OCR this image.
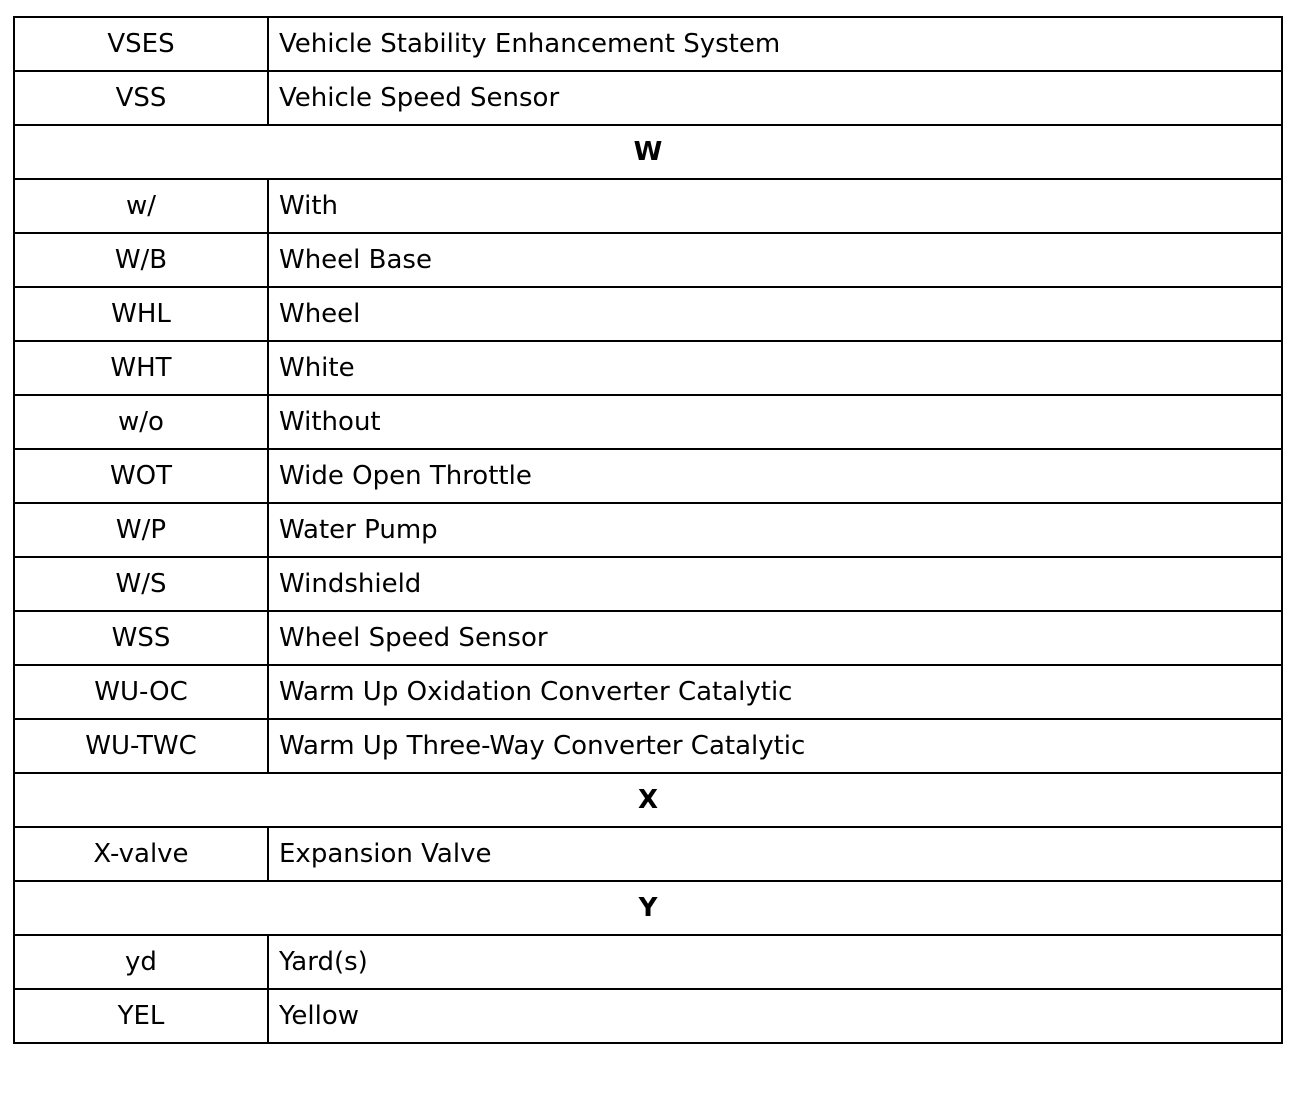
VSES	Vehicle Stability Enhancement System
VSS	Vehicle Speed Sensor
W	
w/	With
W/B	Wheel Base
WHL	Wheel
WHT	White
w/o	Without
WOT	Wide Open Throttle
W/P	Water Pump
W/S	Windshield
WSS	Wheel Speed Sensor
WU-OC	Warm Up Oxidation Converter Catalytic
WU-TWC	Warm Up Three-Way Converter Catalytic
X	
X-valve	Expansion Valve
Y	
yd	Yard(s)
YEL	Yellow
